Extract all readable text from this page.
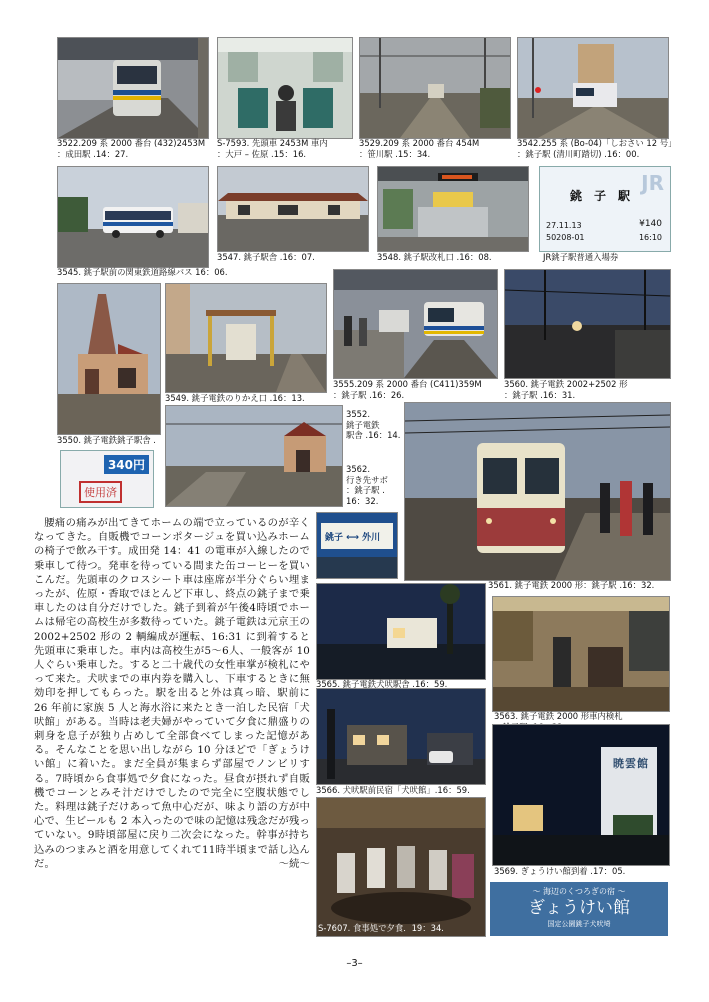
3522.209 系 2000 番台 (432)2453M
：成田駅 .14：27.
S-7593. 先頭車 2453M 車内
：大戸 – 佐原 .15：16.
3529.209 系 2000 番台 454M
：笹川駅 .15：34.
3542.255 系 (Bo-04)「しおさい 12 号」
：銚子駅 (清川町踏切) .16：00.
3545. 銚子駅前の関東鉄道路線バス 16：06.
3547. 銚子駅舎 .16：07.	3548. 銚子駅改札口 .16：08.
JR
銚　子　駅
27.11.13	¥140
50208-01	16:10
JR銚子駅普通入場券
3550. 銚子電鉄銚子駅舎 .
3549. 銚子電鉄のりかえ口 .16：13.
3555.209 系 2000 番台 (C411)359M
：銚子駅 .16：26.
3560. 銚子電鉄 2002+2502 形
：銚子駅 .16：31.
3552.
銚子電鉄
駅舎 .16：14.
3562.
行き先サボ
：銚子駅 .
16：32.
340円
使用済
3561. 銚子電鉄 2000 形：銚子駅 .16：32.
銚子 ⟷ 外川
3565. 銚子電鉄犬吠駅舎 .16：59.
3563. 銚子電鉄 2000 形車内検札

3566. 犬吠駅前民宿「犬吠館」.16：59.
暁雲館
3569. ぎょうけい館到着 .17：05.
S-7607. 食事処で夕食．19：34.
〜 海辺のくつろぎの宿 〜
ぎょうけい館
国定公園銚子犬吠埼

腰痛の痛みが出てきてホームの端で立っているのが辛くなってきた。自販機でコーンポタージュを買い込みホームの椅子で飲み干す。成田発 14：41 の電車が入線したので乗車して待つ。発車を待っている間また缶コーヒーを買いこんだ。先頭車のクロスシート車は座席が半分ぐらい埋まったが、佐原・香取でほとんど下車し、終点の銚子まで乗車したのは自分だけでした。銚子到着が午後4時頃でホームは帰宅の高校生が多数待っていた。銚子電鉄は元京王の 2002+2502 形の 2 輌編成が運転、16:31 に到着すると先頭車に乗車した。車内は高校生が5〜6人、一般客が 10 人ぐらい乗車した。すると二十歳代の女性車掌が検札にやって来た。犬吠までの車内券を購入し、下車するときに無効印を押してもらった。駅を出ると外は真っ暗、駅前に 26 年前に家族 5 人と海水浴に来たとき一泊した民宿「犬吠館」がある。当時は老夫婦がやっていて夕食に鼎盛りの刺身を息子が独り占めして全部食べてしまった記憶がある。そんなことを思い出しながら 10 分ほどで「ぎょうけい館」に着いた。まだ全員が集まらず部屋でノンビリする。7時頃から食事処で夕食になった。昼食が摂れず自販機でコーンとみそ汁だけでしたので完全に空腹状態でした。料理は銚子だけあって魚中心だが、味より語の方が中心で、生ビールも 2 本入ったので味の記憶は残念だが残っていない。9時頃部屋に戻り二次会になった。幹事が持ち込みのつまみと酒を用意してくれて11時半頃まで話し込んだ。	〜続〜
–3–
